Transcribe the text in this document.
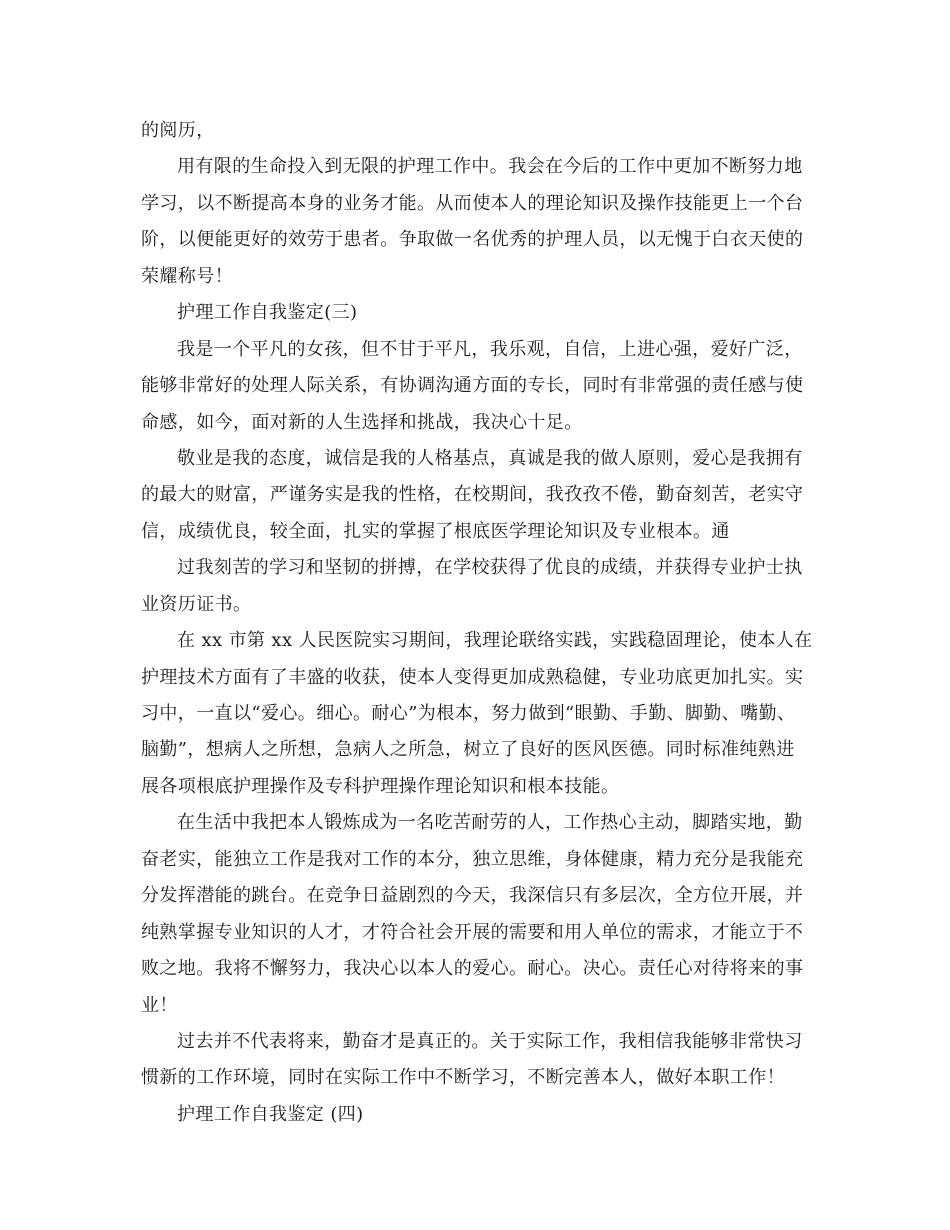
的阅历，
用有限的生命投入到无限的护理工作中。我会在今后的工作中更加不断努力地
学习，以不断提高本身的业务才能。从而使本人的理论知识及操作技能更上一个台
阶，以便能更好的效劳于患者。争取做一名优秀的护理人员，以无愧于白衣天使的
荣耀称号！
护理工作自我鉴定(三)
我是一个平凡的女孩，但不甘于平凡，我乐观，自信，上进心强，爱好广泛，
能够非常好的处理人际关系，有协调沟通方面的专长，同时有非常强的责任感与使
命感，如今，面对新的人生选择和挑战，我决心十足。
敬业是我的态度，诚信是我的人格基点，真诚是我的做人原则，爱心是我拥有
的最大的财富，严谨务实是我的性格，在校期间，我孜孜不倦，勤奋刻苦，老实守
信，成绩优良，较全面，扎实的掌握了根底医学理论知识及专业根本。通
过我刻苦的学习和坚韧的拼搏，在学校获得了优良的成绩，并获得专业护士执
业资历证书。
在 xx 市第 xx 人民医院实习期间，我理论联络实践，实践稳固理论，使本人在
护理技术方面有了丰盛的收获，使本人变得更加成熟稳健，专业功底更加扎实。实
习中，一直以“爱心。细心。耐心”为根本，努力做到“眼勤、手勤、脚勤、嘴勤、
脑勤”，想病人之所想，急病人之所急，树立了良好的医风医德。同时标准纯熟进
展各项根底护理操作及专科护理操作理论知识和根本技能。
在生活中我把本人锻炼成为一名吃苦耐劳的人，工作热心主动，脚踏实地，勤
奋老实，能独立工作是我对工作的本分，独立思维，身体健康，精力充分是我能充
分发挥潜能的跳台。在竞争日益剧烈的今天，我深信只有多层次，全方位开展，并
纯熟掌握专业知识的人才，才符合社会开展的需要和用人单位的需求，才能立于不
败之地。我将不懈努力，我决心以本人的爱心。耐心。决心。责任心对待将来的事
业！
过去并不代表将来，勤奋才是真正的。关于实际工作，我相信我能够非常快习
惯新的工作环境，同时在实际工作中不断学习，不断完善本人，做好本职工作！
护理工作自我鉴定 (四)
